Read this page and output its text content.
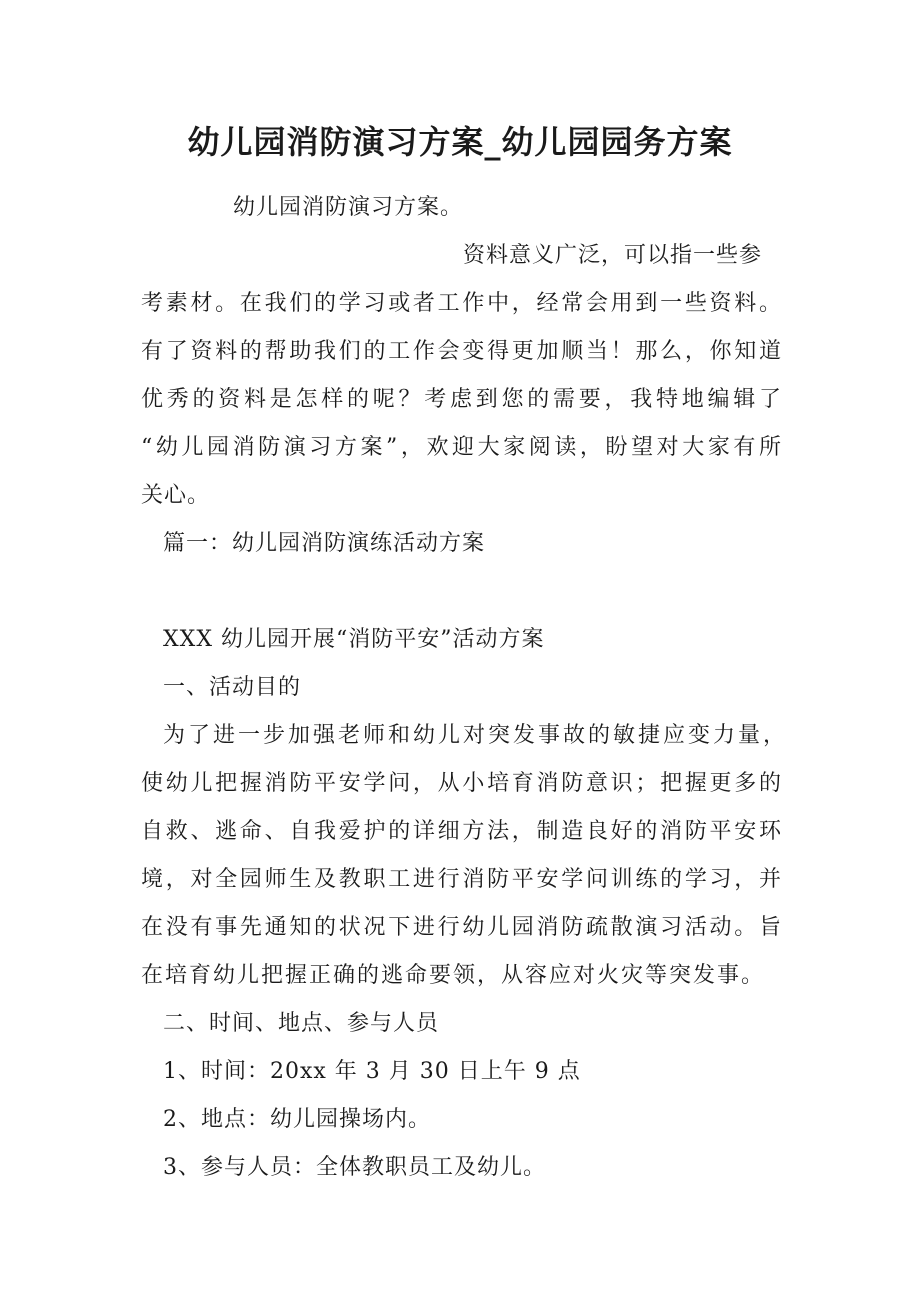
幼儿园消防演习方案_幼儿园园务方案

幼儿园消防演习方案。

资料意义广泛，可以指一些参

考素材。在我们的学习或者工作中，经常会用到一些资料。

有了资料的帮助我们的工作会变得更加顺当！那么，你知道

优秀的资料是怎样的呢？考虑到您的需要，我特地编辑了

“幼儿园消防演习方案”，欢迎大家阅读，盼望对大家有所

关心。

篇一：幼儿园消防演练活动方案

XXX 幼儿园开展“消防平安”活动方案

一、活动目的

为了进一步加强老师和幼儿对突发事故的敏捷应变力量，

使幼儿把握消防平安学问，从小培育消防意识；把握更多的

自救、逃命、自我爱护的详细方法，制造良好的消防平安环

境，对全园师生及教职工进行消防平安学问训练的学习，并

在没有事先通知的状况下进行幼儿园消防疏散演习活动。旨

在培育幼儿把握正确的逃命要领，从容应对火灾等突发事。

二、时间、地点、参与人员

1、时间：20xx 年 3 月 30 日上午 9 点

2、地点：幼儿园操场内。

3、参与人员：全体教职员工及幼儿。
